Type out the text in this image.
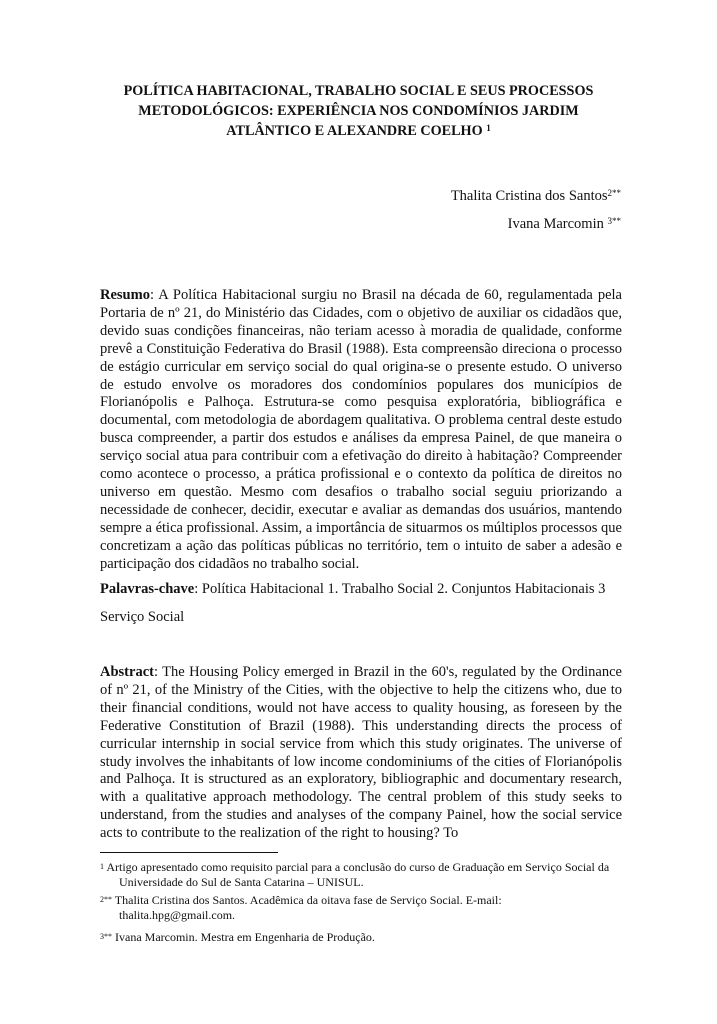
POLÍTICA HABITACIONAL, TRABALHO SOCIAL E SEUS PROCESSOS
METODOLÓGICOS: EXPERIÊNCIA NOS CONDOMÍNIOS JARDIM
ATLÂNTICO E ALEXANDRE COELHO $^1$
Thalita Cristina dos Santos$^{2**}$
Ivana Marcomin $^{3**}$
Resumo: A Política Habitacional surgiu no Brasil na década de 60, regulamentada pela Portaria de nº 21, do Ministério das Cidades, com o objetivo de auxiliar os cidadãos que, devido suas condições financeiras, não teriam acesso à moradia de qualidade, conforme prevê a Constituição Federativa do Brasil (1988). Esta compreensão direciona o processo de estágio curricular em serviço social do qual origina-se o presente estudo. O universo de estudo envolve os moradores dos condomínios populares dos municípios de Florianópolis e Palhoça. Estrutura-se como pesquisa exploratória, bibliográfica e documental, com metodologia de abordagem qualitativa. O problema central deste estudo busca compreender, a partir dos estudos e análises da empresa Painel, de que maneira o serviço social atua para contribuir com a efetivação do direito à habitação? Compreender como acontece o processo, a prática profissional e o contexto da política de direitos no universo em questão. Mesmo com desafios o trabalho social seguiu priorizando a necessidade de conhecer, decidir, executar e avaliar as demandas dos usuários, mantendo sempre a ética profissional. Assim, a importância de situarmos os múltiplos processos que concretizam a ação das políticas públicas no território, tem o intuito de saber a adesão e participação dos cidadãos no trabalho social.
Palavras-chave: Política Habitacional 1. Trabalho Social 2. Conjuntos Habitacionais 3 Serviço Social
Abstract: The Housing Policy emerged in Brazil in the 60's, regulated by the Ordinance of nº 21, of the Ministry of the Cities, with the objective to help the citizens who, due to their financial conditions, would not have access to quality housing, as foreseen by the Federative Constitution of Brazil (1988). This understanding directs the process of curricular internship in social service from which this study originates. The universe of study involves the inhabitants of low income condominiums of the cities of Florianópolis and Palhoça. It is structured as an exploratory, bibliographic and documentary research, with a qualitative approach methodology. The central problem of this study seeks to understand, from the studies and analyses of the company Painel, how the social service acts to contribute to the realization of the right to housing? To
$^1$ Artigo apresentado como requisito parcial para a conclusão do curso de Graduação em Serviço Social da
Universidade do Sul de Santa Catarina – UNISUL.
$^{2**}$ Thalita Cristina dos Santos. Acadêmica da oitava fase de Serviço Social. E-mail:
thalita.hpg@gmail.com.
$^{3**}$ Ivana Marcomin. Mestra em Engenharia de Produção.
